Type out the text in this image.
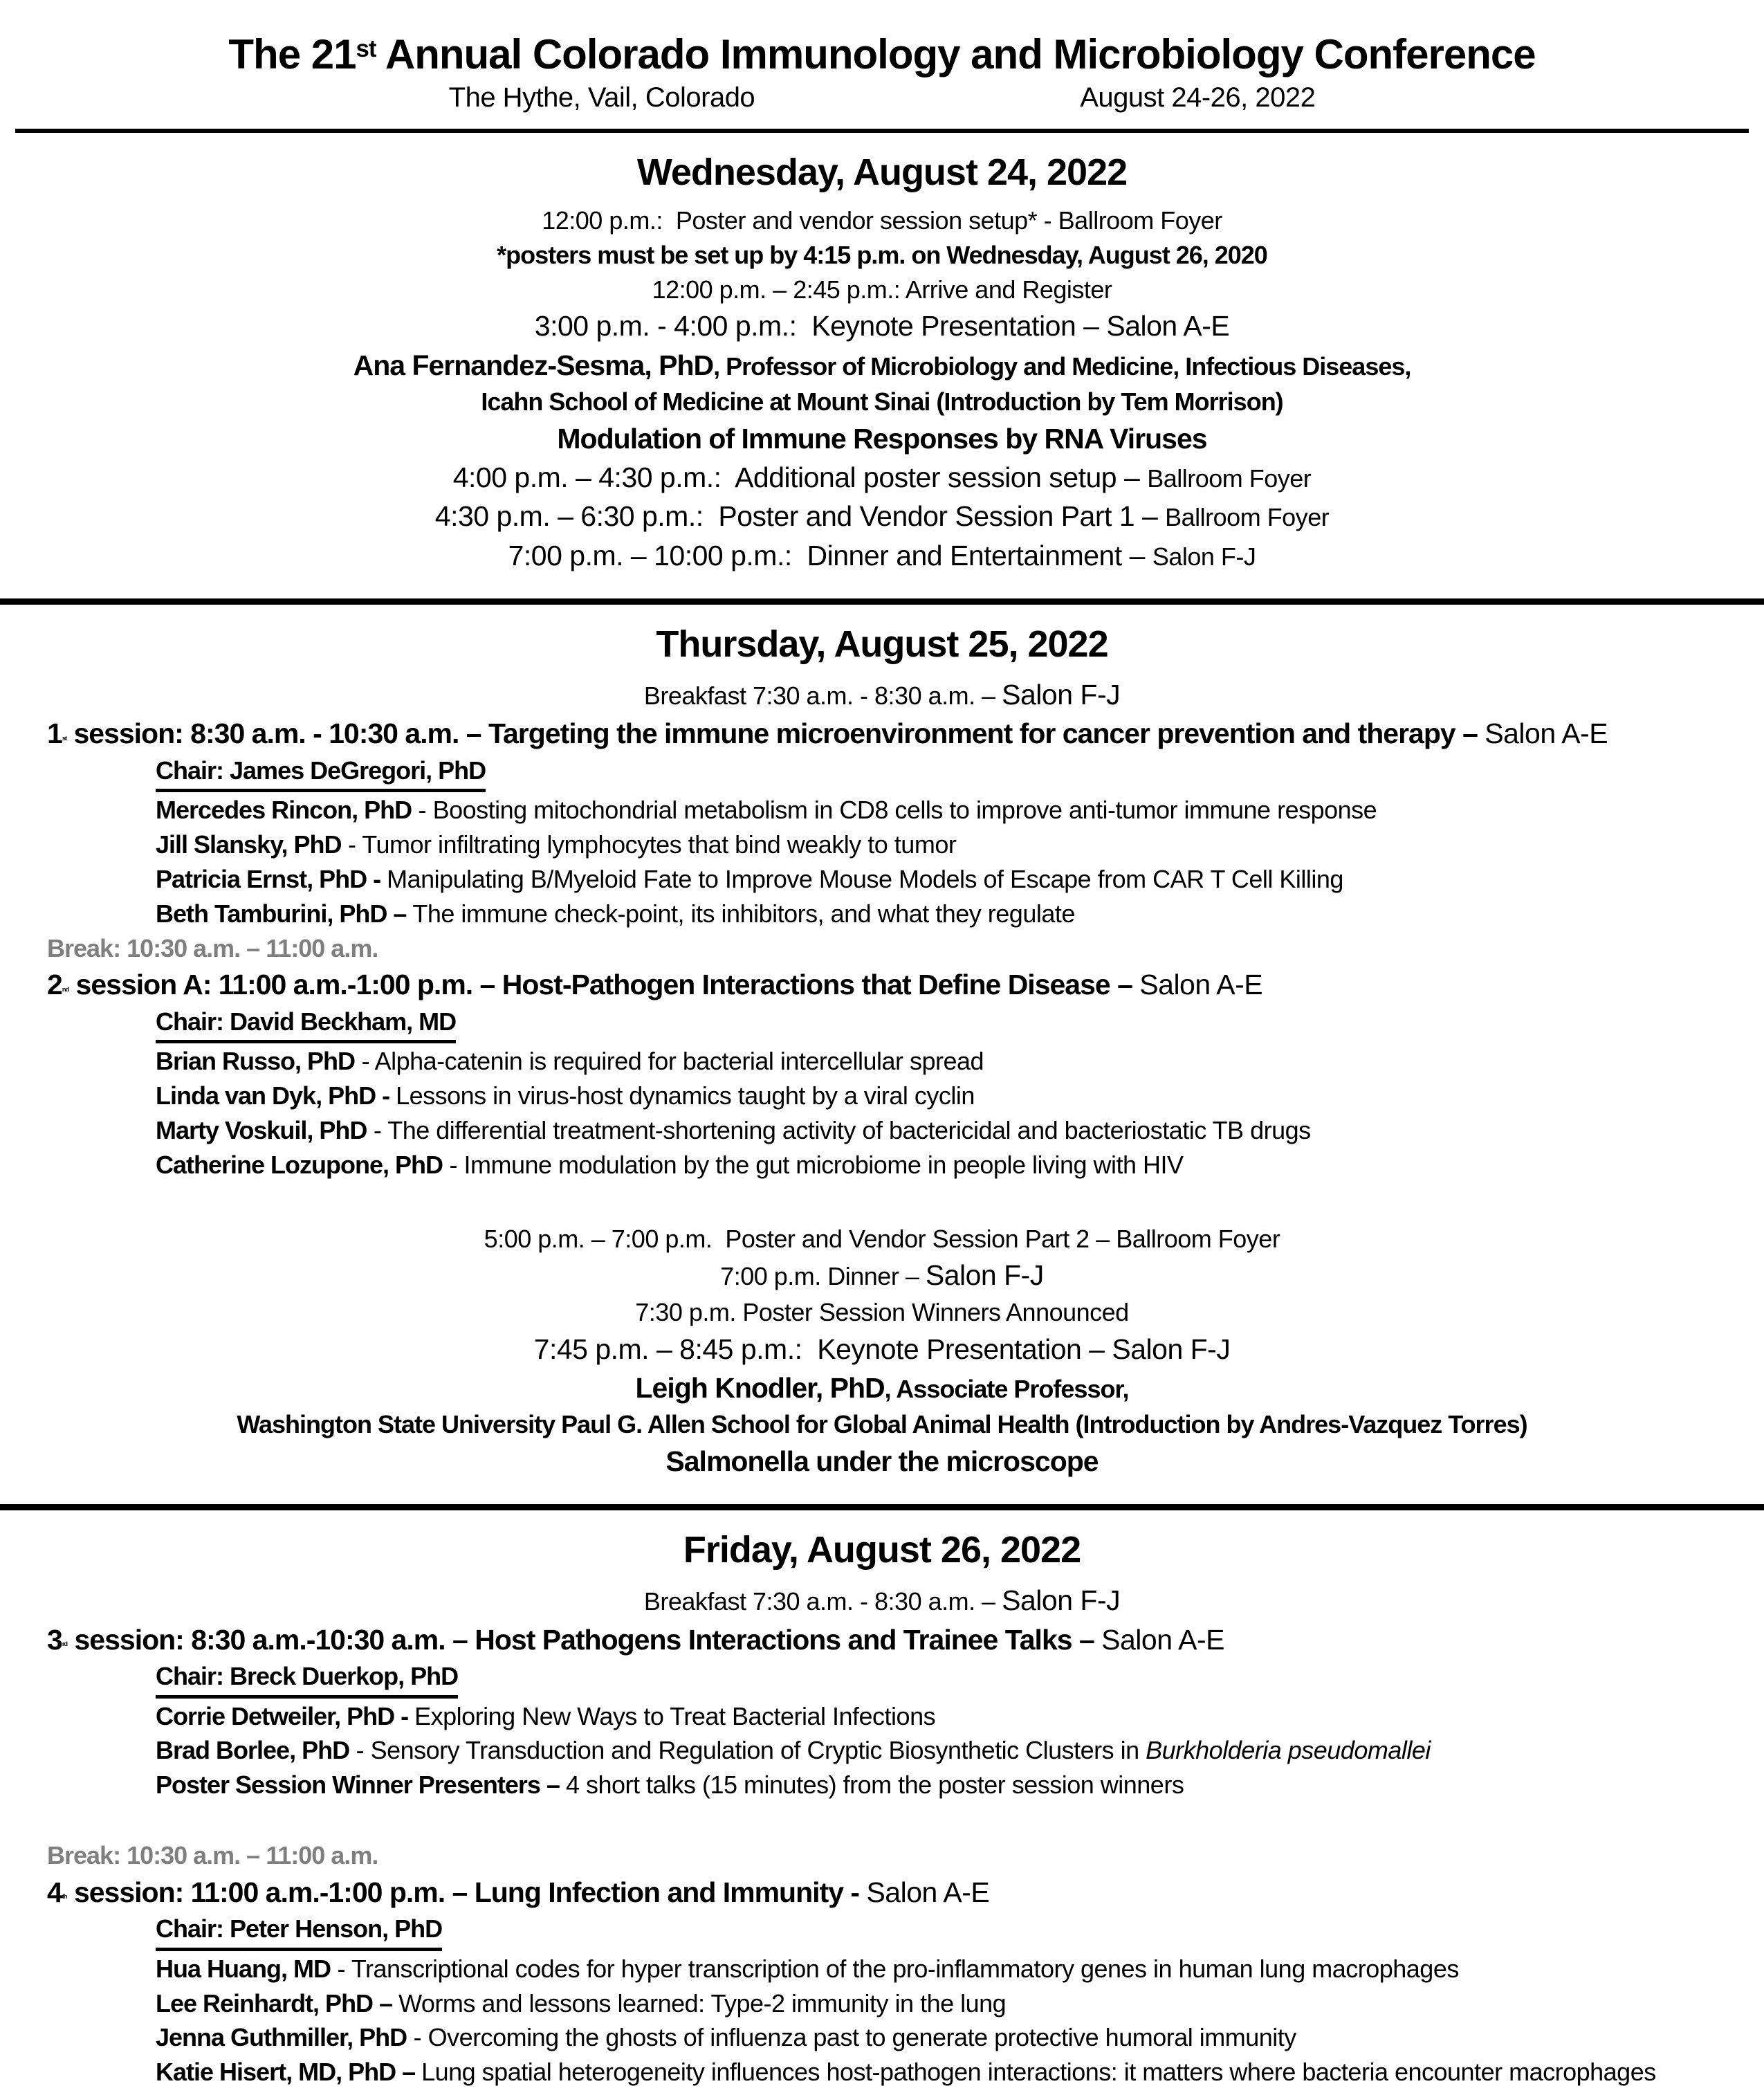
The 21st Annual Colorado Immunology and Microbiology Conference
The Hythe, Vail, Colorado	August 24-26, 2022
Wednesday, August 24, 2022
12:00 p.m.:  Poster and vendor session setup* - Ballroom Foyer
*posters must be set up by 4:15 p.m. on Wednesday, August 26, 2020
12:00 p.m. – 2:45 p.m.: Arrive and Register
3:00 p.m. - 4:00 p.m.:  Keynote Presentation – Salon A-E
Ana Fernandez-Sesma, PhD, Professor of Microbiology and Medicine, Infectious Diseases,
Icahn School of Medicine at Mount Sinai (Introduction by Tem Morrison)
Modulation of Immune Responses by RNA Viruses
4:00 p.m. – 4:30 p.m.:  Additional poster session setup – Ballroom Foyer
4:30 p.m. – 6:30 p.m.:  Poster and Vendor Session Part 1 – Ballroom Foyer
7:00 p.m. – 10:00 p.m.:  Dinner and Entertainment – Salon F-J
Thursday, August 25, 2022
Breakfast 7:30 a.m. - 8:30 a.m. – Salon F-J
1st session: 8:30 a.m. - 10:30 a.m. – Targeting the immune microenvironment for cancer prevention and therapy – Salon A-E
Chair: James DeGregori, PhD
Mercedes Rincon, PhD - Boosting mitochondrial metabolism in CD8 cells to improve anti-tumor immune response
Jill Slansky, PhD - Tumor infiltrating lymphocytes that bind weakly to tumor
Patricia Ernst, PhD - Manipulating B/Myeloid Fate to Improve Mouse Models of Escape from CAR T Cell Killing
Beth Tamburini, PhD – The immune check-point, its inhibitors, and what they regulate
Break: 10:30 a.m. – 11:00 a.m.
2nd session A: 11:00 a.m.-1:00 p.m. – Host-Pathogen Interactions that Define Disease – Salon A-E
Chair: David Beckham, MD
Brian Russo, PhD - Alpha-catenin is required for bacterial intercellular spread
Linda van Dyk, PhD - Lessons in virus-host dynamics taught by a viral cyclin
Marty Voskuil, PhD - The differential treatment-shortening activity of bactericidal and bacteriostatic TB drugs
Catherine Lozupone, PhD - Immune modulation by the gut microbiome in people living with HIV
5:00 p.m. – 7:00 p.m.  Poster and Vendor Session Part 2 – Ballroom Foyer
7:00 p.m. Dinner – Salon F-J
7:30 p.m. Poster Session Winners Announced
7:45 p.m. – 8:45 p.m.:  Keynote Presentation – Salon F-J
Leigh Knodler, PhD, Associate Professor,
Washington State University Paul G. Allen School for Global Animal Health (Introduction by Andres-Vazquez Torres)
Salmonella under the microscope
Friday, August 26, 2022
Breakfast 7:30 a.m. - 8:30 a.m. – Salon F-J
3rd session: 8:30 a.m.-10:30 a.m. – Host Pathogens Interactions and Trainee Talks – Salon A-E
Chair: Breck Duerkop, PhD
Corrie Detweiler, PhD - Exploring New Ways to Treat Bacterial Infections
Brad Borlee, PhD - Sensory Transduction and Regulation of Cryptic Biosynthetic Clusters in Burkholderia pseudomallei
Poster Session Winner Presenters – 4 short talks (15 minutes) from the poster session winners
Break: 10:30 a.m. – 11:00 a.m.
4th session: 11:00 a.m.-1:00 p.m. – Lung Infection and Immunity - Salon A-E
Chair: Peter Henson, PhD
Hua Huang, MD - Transcriptional codes for hyper transcription of the pro-inflammatory genes in human lung macrophages
Lee Reinhardt, PhD – Worms and lessons learned: Type-2 immunity in the lung
Jenna Guthmiller, PhD - Overcoming the ghosts of influenza past to generate protective humoral immunity
Katie Hisert, MD, PhD – Lung spatial heterogeneity influences host-pathogen interactions: it matters where bacteria encounter macrophages
